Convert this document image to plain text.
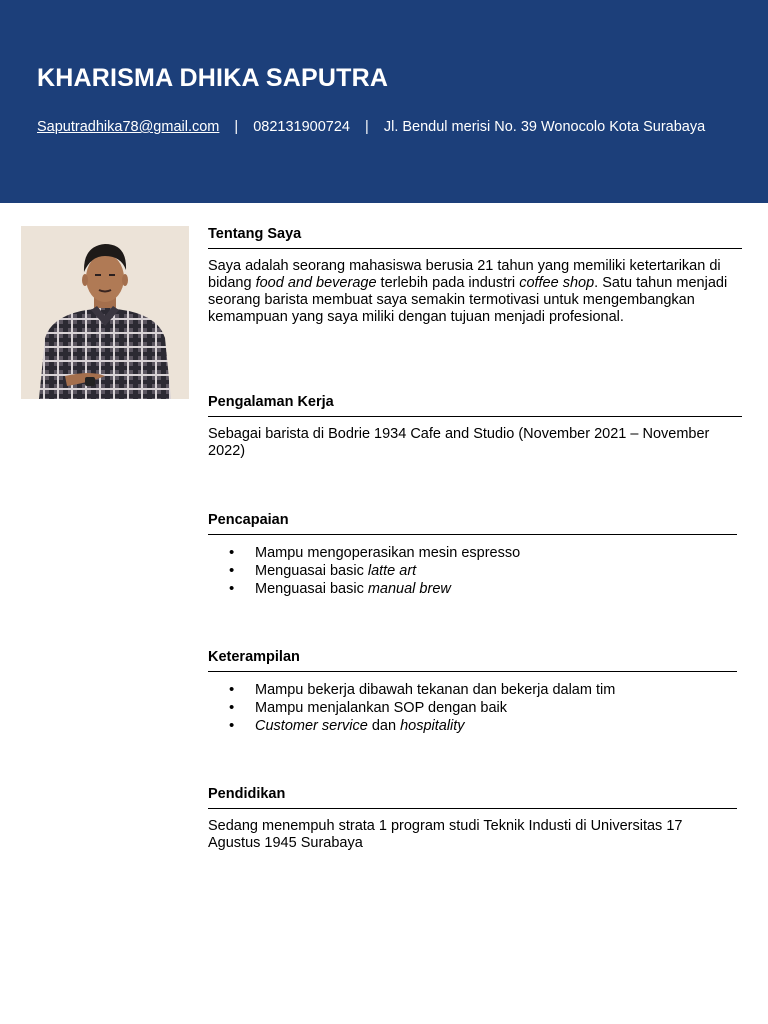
KHARISMA DHIKA SAPUTRA
Saputradhika78@gmail.com | 082131900724 | Jl. Bendul merisi No. 39 Wonocolo Kota Surabaya
Tentang Saya
Saya adalah seorang mahasiswa berusia 21 tahun yang memiliki ketertarikan di bidang food and beverage terlebih pada industri coffee shop. Satu tahun menjadi seorang barista membuat saya semakin termotivasi untuk mengembangkan kemampuan yang saya miliki dengan tujuan menjadi profesional.
Pengalaman Kerja
Sebagai barista di Bodrie 1934 Cafe and Studio (November 2021 – November 2022)
Pencapaian
• Mampu mengoperasikan mesin espresso
• Menguasai basic latte art
• Menguasai basic manual brew
Keterampilan
• Mampu bekerja dibawah tekanan dan bekerja dalam tim
• Mampu menjalankan SOP dengan baik
• Customer service dan hospitality
Pendidikan
Sedang menempuh strata 1 program studi Teknik Industi di Universitas 17 Agustus 1945 Surabaya
